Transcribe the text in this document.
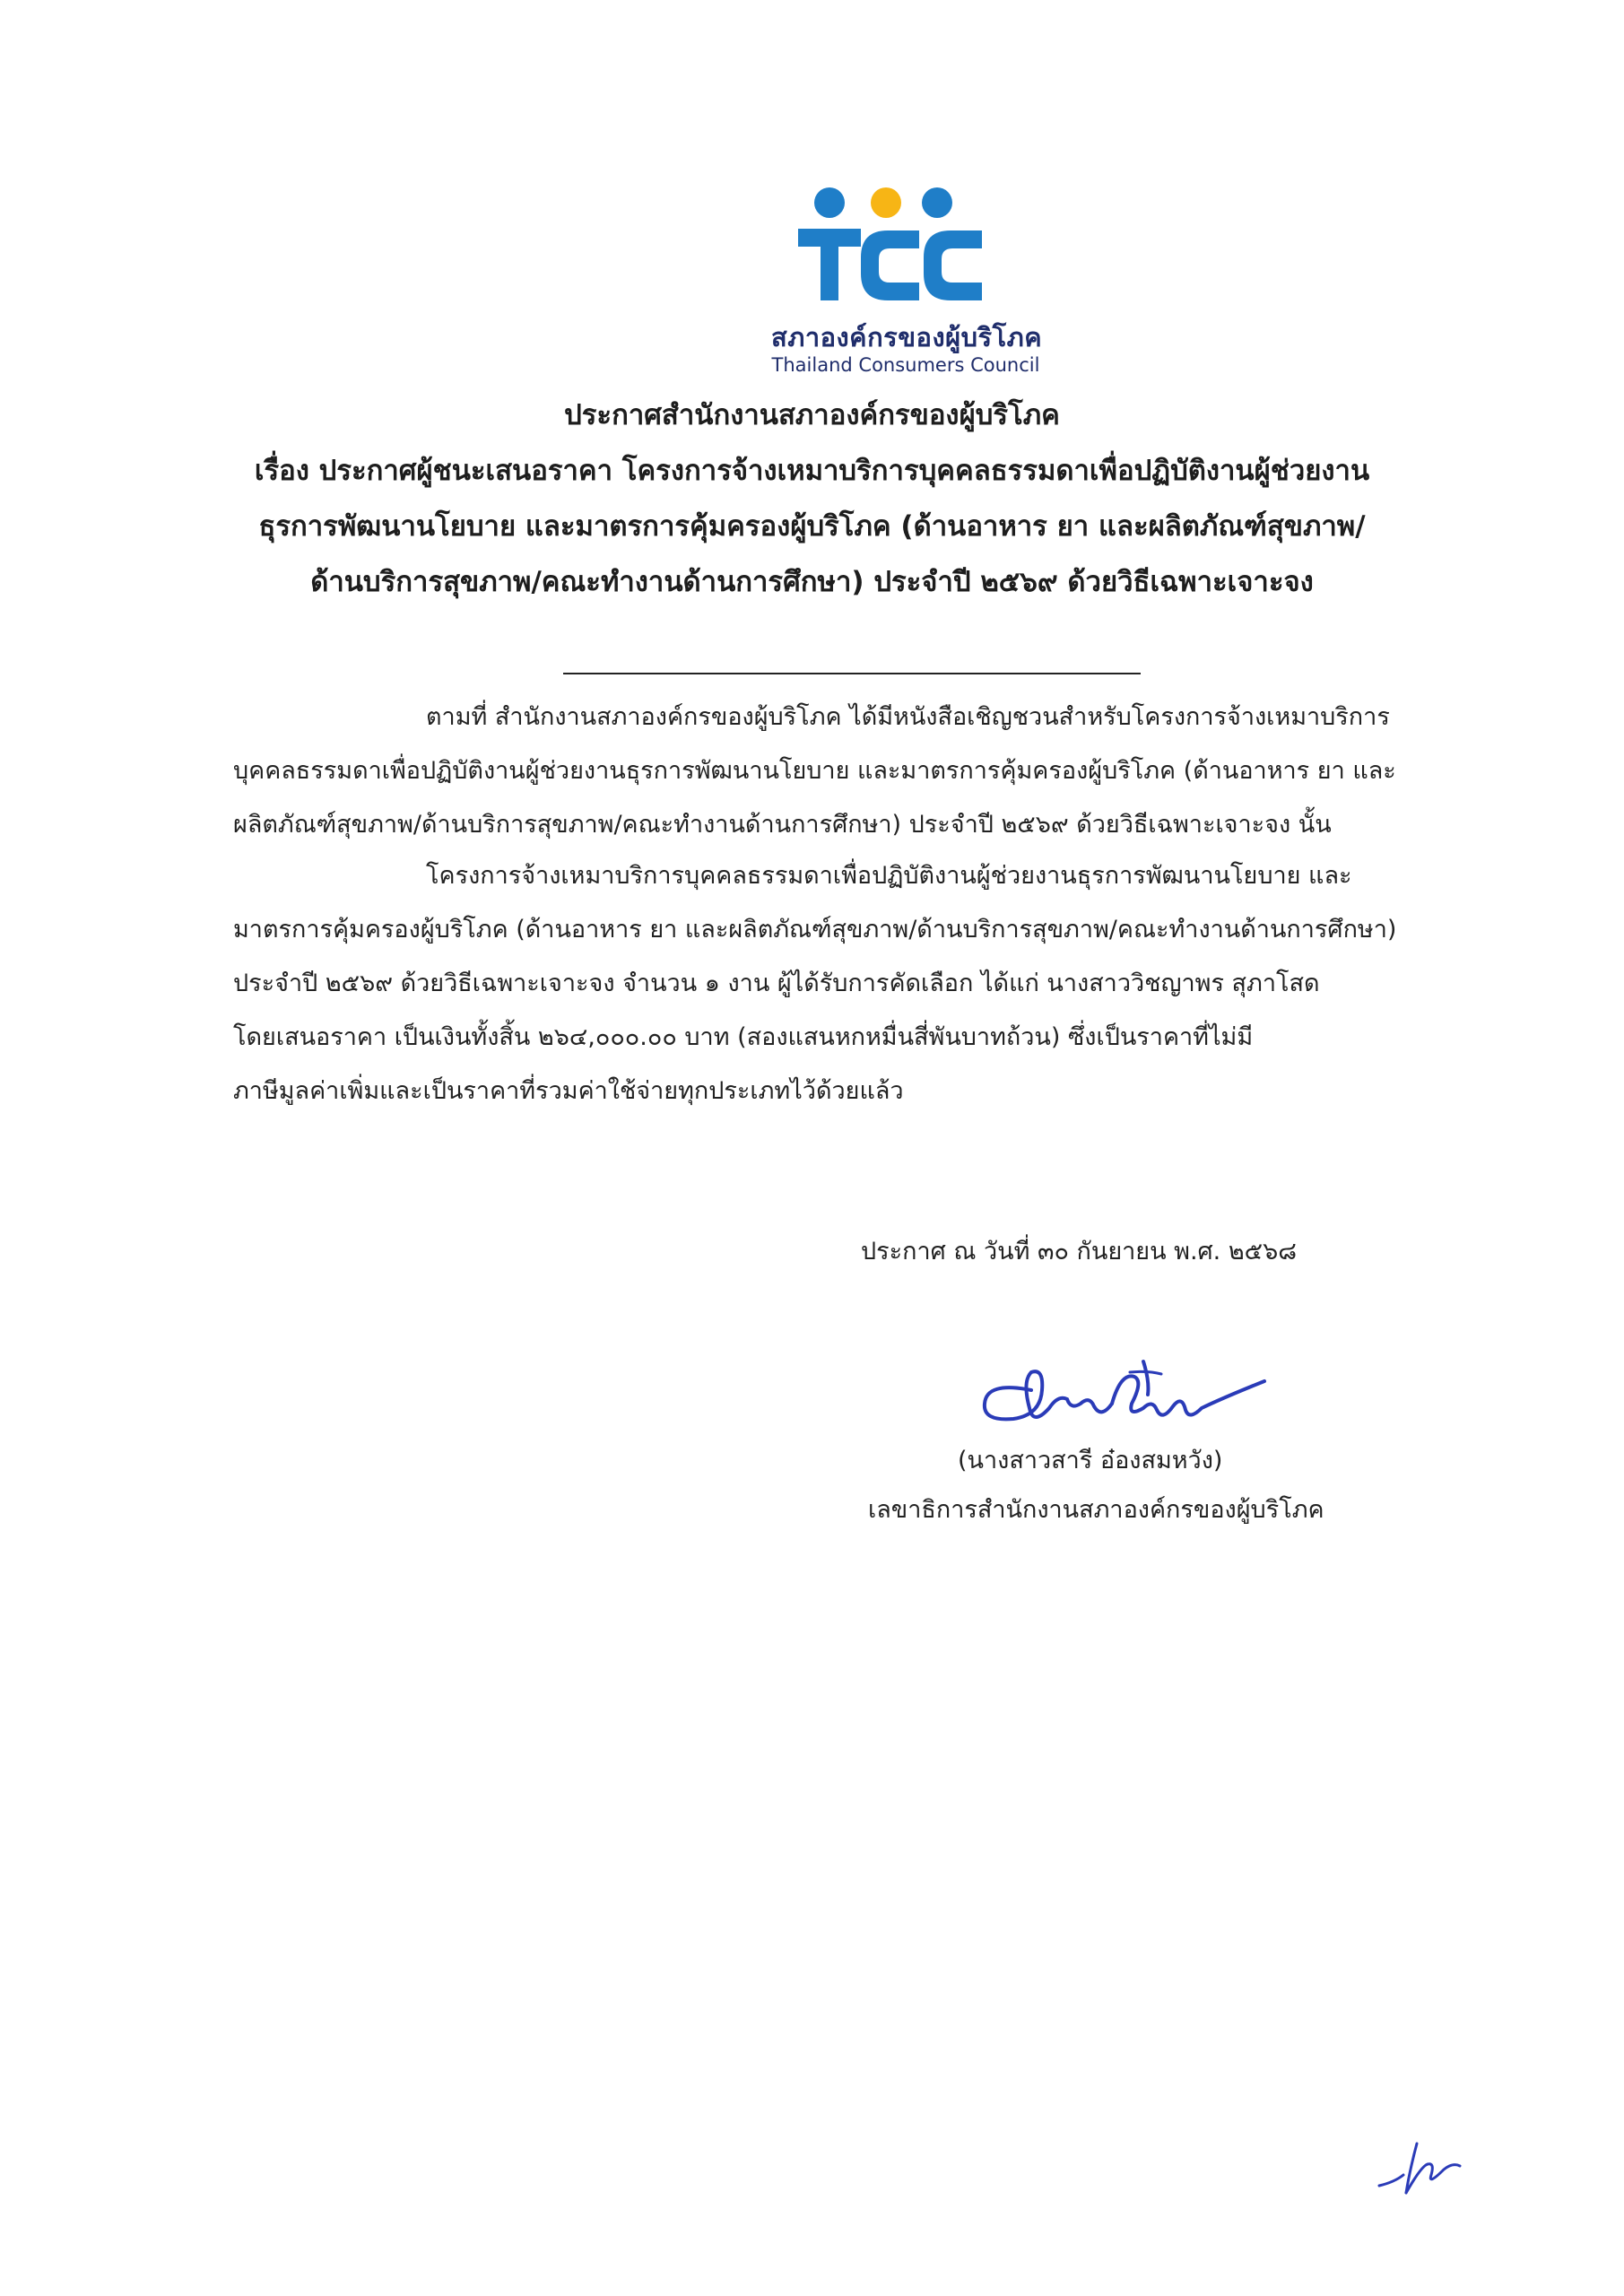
สภาองค์กรของผู้บริโภค
Thailand Consumers Council
ประกาศสำนักงานสภาองค์กรของผู้บริโภค
เรื่อง ประกาศผู้ชนะเสนอราคา โครงการจ้างเหมาบริการบุคคลธรรมดาเพื่อปฏิบัติงานผู้ช่วยงาน
ธุรการพัฒนานโยบาย และมาตรการคุ้มครองผู้บริโภค (ด้านอาหาร ยา และผลิตภัณฑ์สุขภาพ/
ด้านบริการสุขภาพ/คณะทำงานด้านการศึกษา) ประจำปี ๒๕๖๙ ด้วยวิธีเฉพาะเจาะจง
ตามที่ สำนักงานสภาองค์กรของผู้บริโภค ได้มีหนังสือเชิญชวนสำหรับโครงการจ้างเหมาบริการ
บุคคลธรรมดาเพื่อปฏิบัติงานผู้ช่วยงานธุรการพัฒนานโยบาย และมาตรการคุ้มครองผู้บริโภค (ด้านอาหาร ยา และ
ผลิตภัณฑ์สุขภาพ/ด้านบริการสุขภาพ/คณะทำงานด้านการศึกษา) ประจำปี ๒๕๖๙ ด้วยวิธีเฉพาะเจาะจง นั้น
โครงการจ้างเหมาบริการบุคคลธรรมดาเพื่อปฏิบัติงานผู้ช่วยงานธุรการพัฒนานโยบาย และ
มาตรการคุ้มครองผู้บริโภค (ด้านอาหาร ยา และผลิตภัณฑ์สุขภาพ/ด้านบริการสุขภาพ/คณะทำงานด้านการศึกษา)
ประจำปี ๒๕๖๙ ด้วยวิธีเฉพาะเจาะจง จำนวน ๑ งาน ผู้ได้รับการคัดเลือก ได้แก่ นางสาววิชญาพร สุภาโสด
โดยเสนอราคา เป็นเงินทั้งสิ้น ๒๖๔,๐๐๐.๐๐ บาท (สองแสนหกหมื่นสี่พันบาทถ้วน) ซึ่งเป็นราคาที่ไม่มี
ภาษีมูลค่าเพิ่มและเป็นราคาที่รวมค่าใช้จ่ายทุกประเภทไว้ด้วยแล้ว
ประกาศ ณ วันที่ ๓๐ กันยายน พ.ศ. ๒๕๖๘
(นางสาวสารี อ๋องสมหวัง)
เลขาธิการสำนักงานสภาองค์กรของผู้บริโภค
